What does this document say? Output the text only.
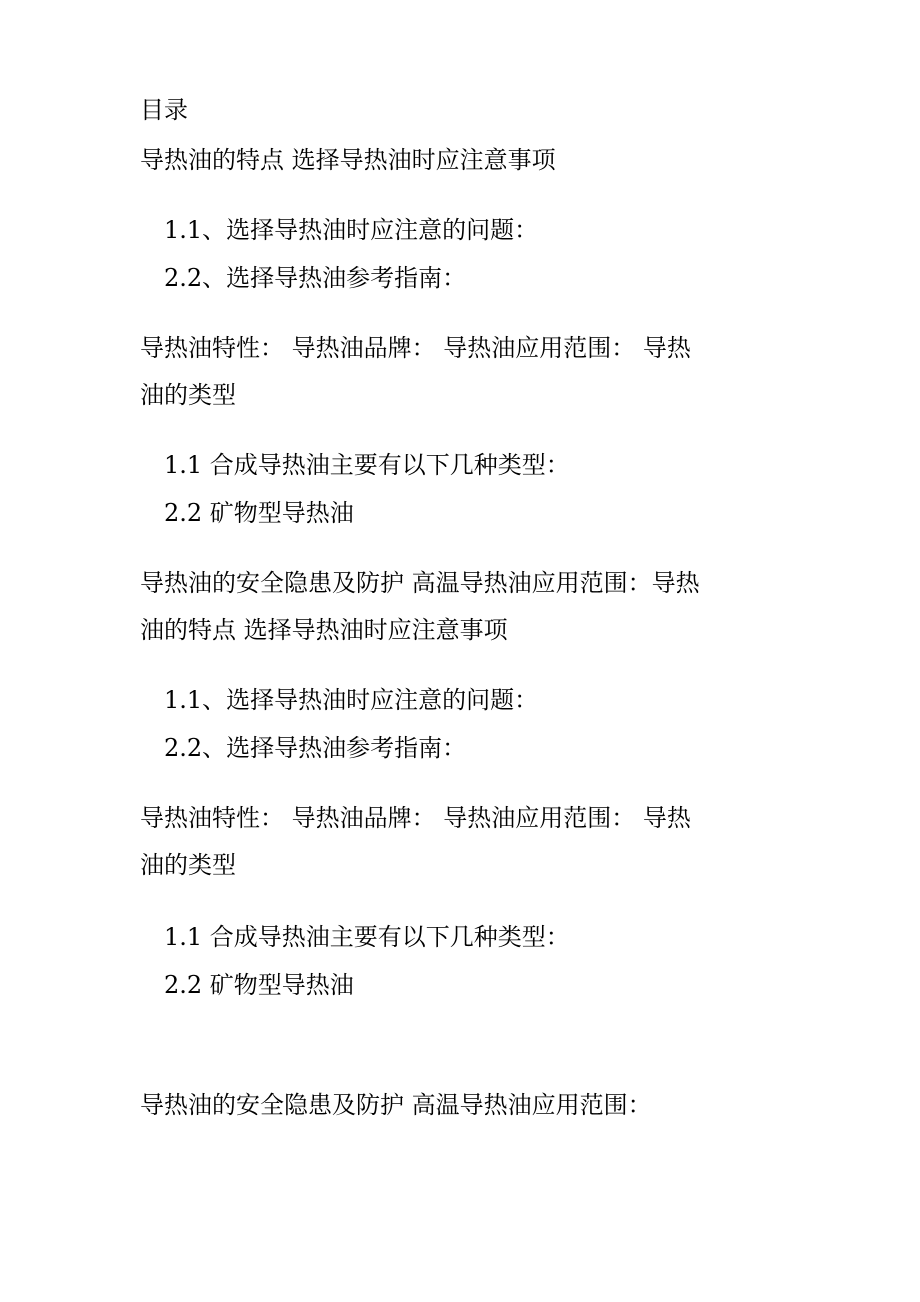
目录
导热油的特点 选择导热油时应注意事项
1.1、选择导热油时应注意的问题：
2.2、选择导热油参考指南：
导热油特性： 导热油品牌： 导热油应用范围： 导热
油的类型
1.1 合成导热油主要有以下几种类型：
2.2 矿物型导热油
导热油的安全隐患及防护 高温导热油应用范围：导热
油的特点 选择导热油时应注意事项
1.1、选择导热油时应注意的问题：
2.2、选择导热油参考指南：
导热油特性： 导热油品牌： 导热油应用范围： 导热
油的类型
1.1 合成导热油主要有以下几种类型：
2.2 矿物型导热油
导热油的安全隐患及防护 高温导热油应用范围：
